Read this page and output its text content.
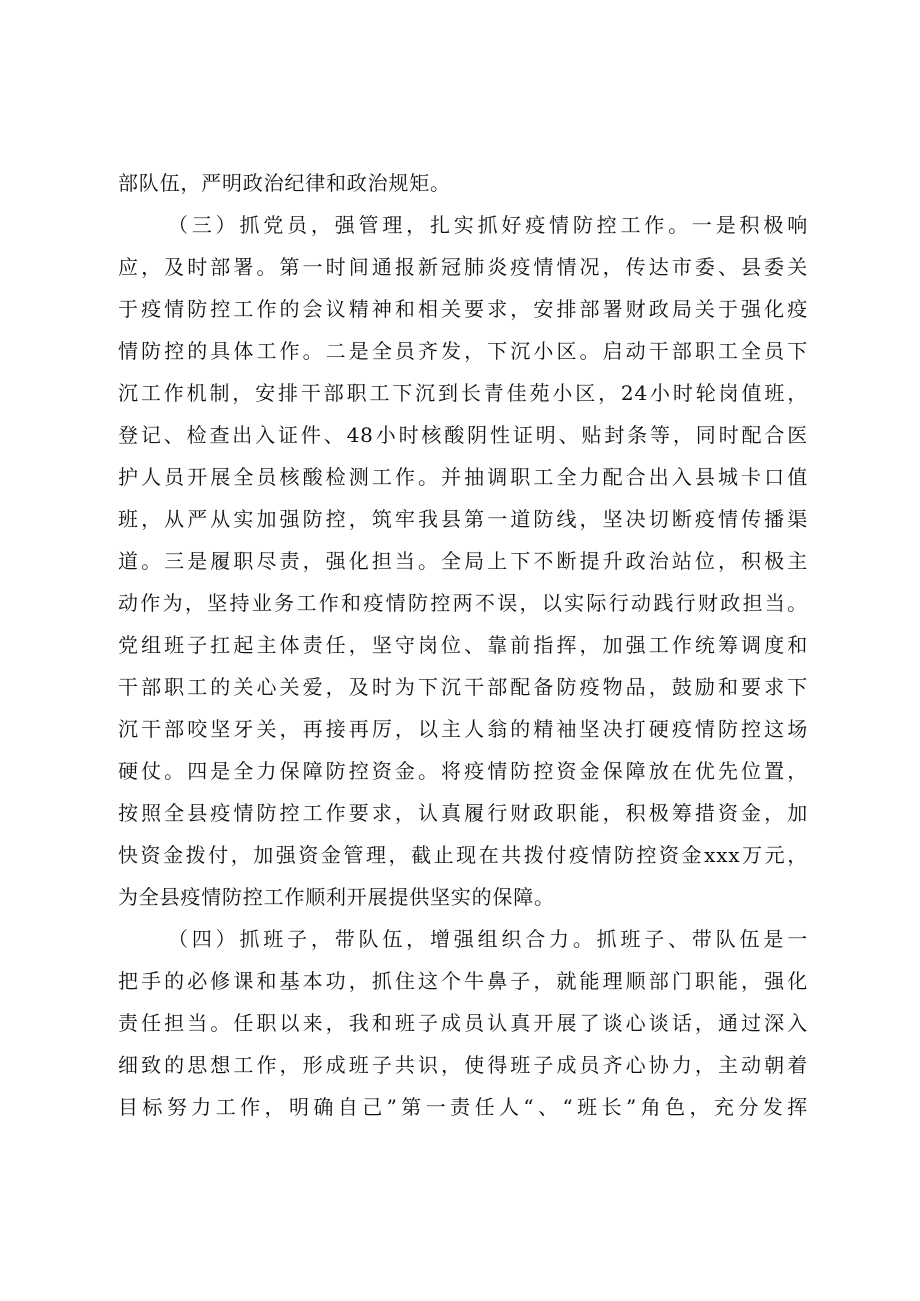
部队伍，严明政治纪律和政治规矩。
（三）抓党员，强管理，扎实抓好疫情防控工作。一是积极响
应，及时部署。第一时间通报新冠肺炎疫情情况，传达市委、县委关
于疫情防控工作的会议精神和相关要求，安排部署财政局关于强化疫
情防控的具体工作。二是全员齐发，下沉小区。启动干部职工全员下
沉工作机制，安排干部职工下沉到长青佳苑小区，24小时轮岗值班，
登记、检查出入证件、48小时核酸阴性证明、贴封条等，同时配合医
护人员开展全员核酸检测工作。并抽调职工全力配合出入县城卡口值
班，从严从实加强防控，筑牢我县第一道防线，坚决切断疫情传播渠
道。三是履职尽责，强化担当。全局上下不断提升政治站位，积极主
动作为，坚持业务工作和疫情防控两不误，以实际行动践行财政担当。
党组班子扛起主体责任，坚守岗位、靠前指挥，加强工作统筹调度和
干部职工的关心关爱，及时为下沉干部配备防疫物品，鼓励和要求下
沉干部咬坚牙关，再接再厉，以主人翁的精袖坚决打硬疫情防控这场
硬仗。四是全力保障防控资金。将疫情防控资金保障放在优先位置，
按照全县疫情防控工作要求，认真履行财政职能，积极筹措资金，加
快资金拨付，加强资金管理，截止现在共拨付疫情防控资金xxx万元，
为全县疫情防控工作顺利开展提供坚实的保障。
（四）抓班子，带队伍，增强组织合力。抓班子、带队伍是一
把手的必修课和基本功，抓住这个牛鼻子，就能理顺部门职能，强化
责任担当。任职以来，我和班子成员认真开展了谈心谈话，通过深入
细致的思想工作，形成班子共识，使得班子成员齐心协力，主动朝着
目标努力工作，明确自己”第一责任人“、“班长”角色，充分发挥
